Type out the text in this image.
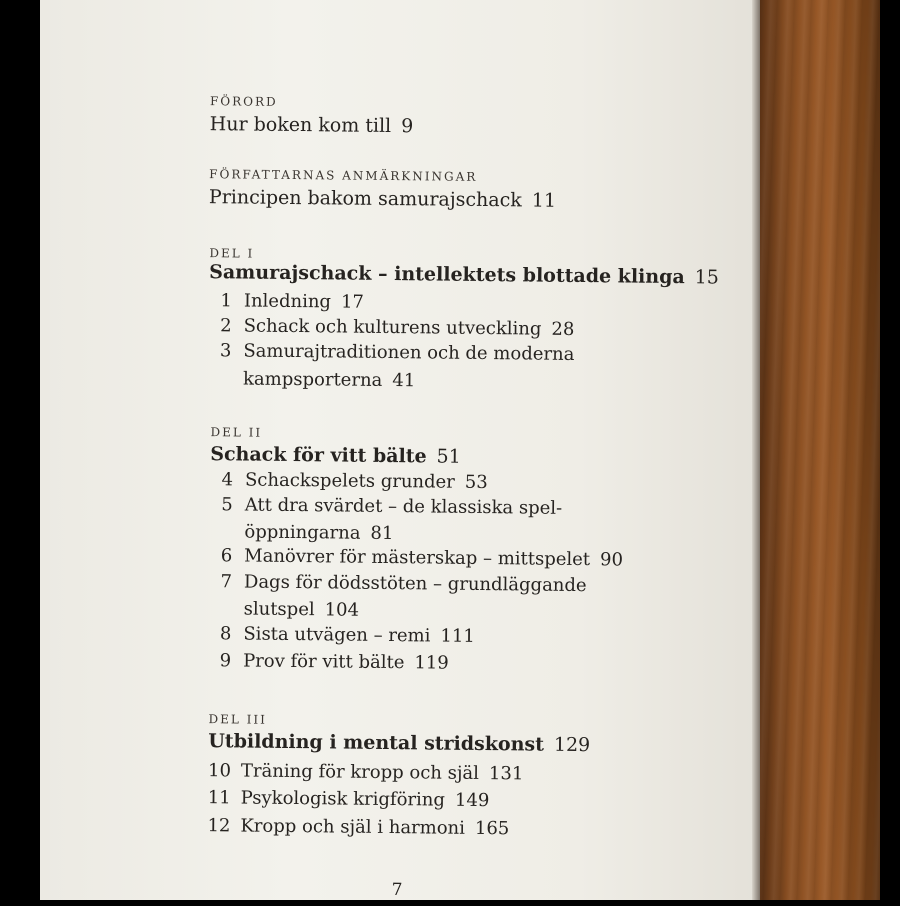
FÖRORD
Hur boken kom till 9
FÖRFATTARNAS ANMÄRKNINGAR
Principen bakom samurajschack 11
DEL I
Samurajschack – intellektets blottade klinga 15
1 Inledning 17
2 Schack och kulturens utveckling 28
3 Samurajtraditionen och de moderna
kampsporterna 41
DEL II
Schack för vitt bälte 51
4 Schackspelets grunder 53
5 Att dra svärdet – de klassiska spel-
öppningarna 81
6 Manövrer för mästerskap – mittspelet 90
7 Dags för dödsstöten – grundläggande
slutspel 104
8 Sista utvägen – remi 111
9 Prov för vitt bälte 119
DEL III
Utbildning i mental stridskonst 129
10 Träning för kropp och själ 131
11 Psykologisk krigföring 149
12 Kropp och själ i harmoni 165
7
